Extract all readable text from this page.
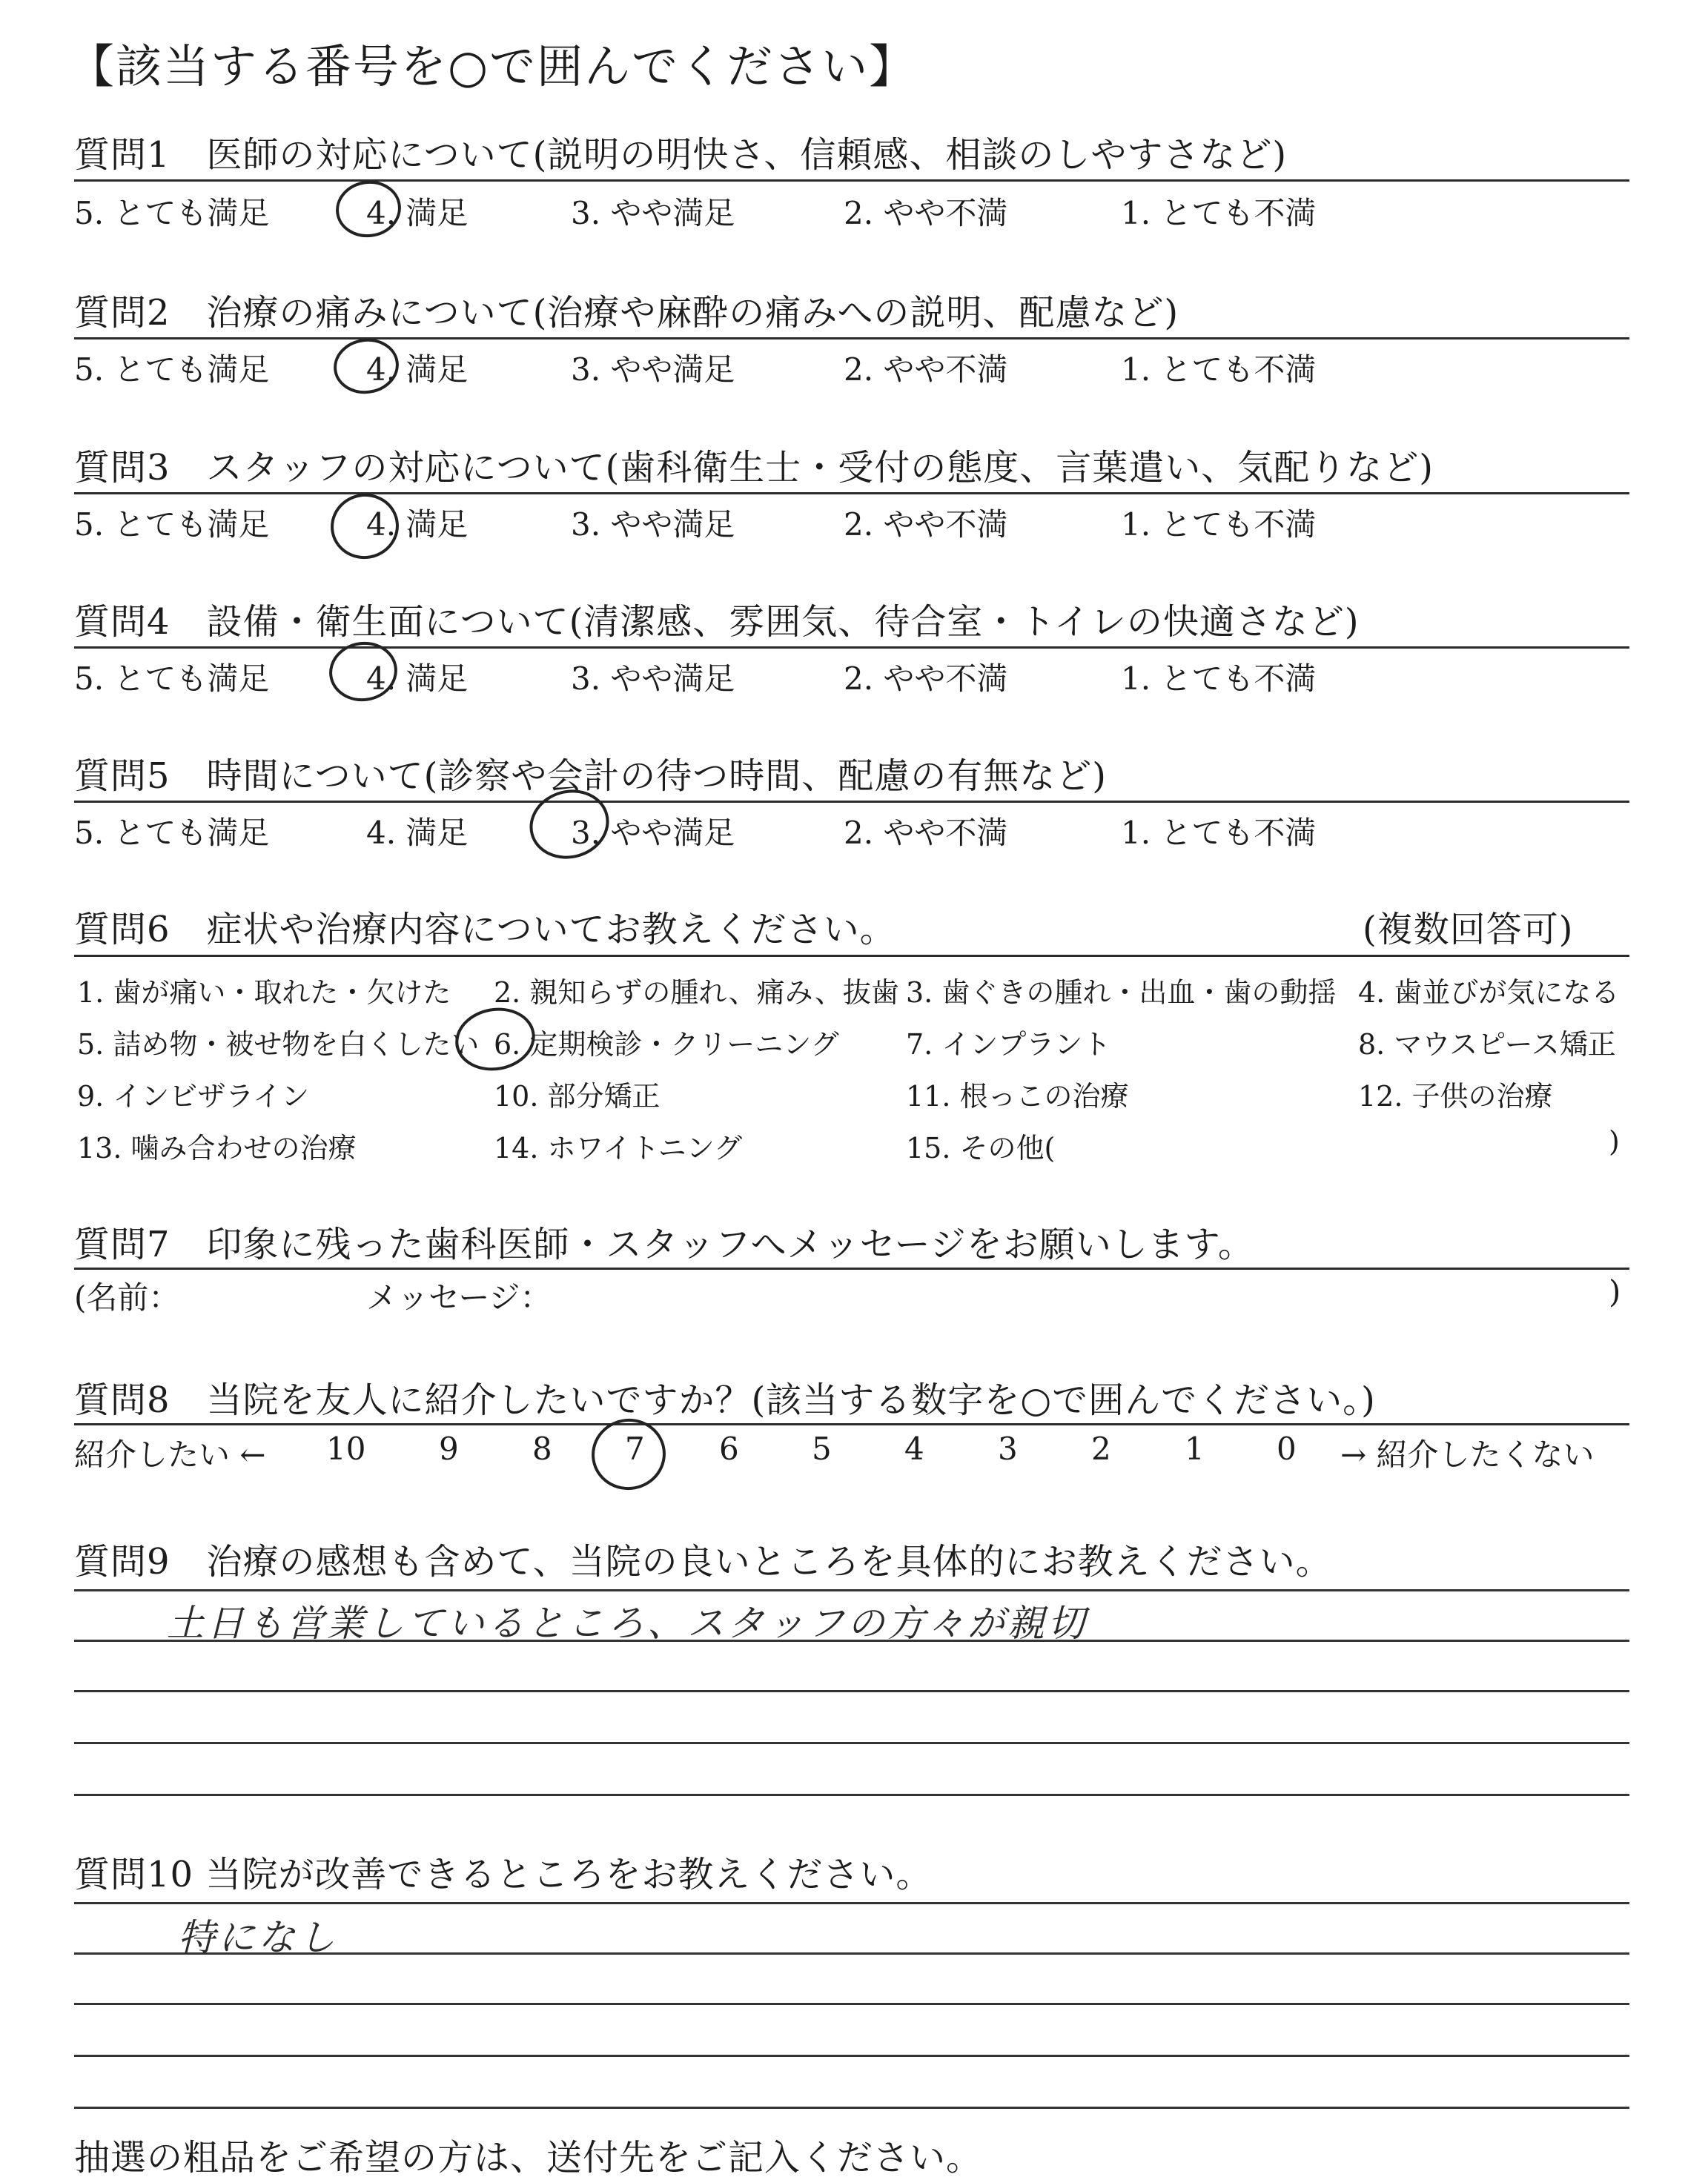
【該当する番号を○で囲んでください】
質問1　医師の対応について(説明の明快さ、信頼感、相談のしやすさなど)
5. とても満足	4. 満足	3. やや満足	2. やや不満	1. とても不満
質問2　治療の痛みについて(治療や麻酔の痛みへの説明、配慮など)
5. とても満足	4. 満足	3. やや満足	2. やや不満	1. とても不満
質問3　スタッフの対応について(歯科衛生士・受付の態度、言葉遣い、気配りなど)
5. とても満足	4. 満足	3. やや満足	2. やや不満	1. とても不満
質問4　設備・衛生面について(清潔感、雰囲気、待合室・トイレの快適さなど)
5. とても満足	4. 満足	3. やや満足	2. やや不満	1. とても不満
質問5　時間について(診察や会計の待つ時間、配慮の有無など)
5. とても満足	4. 満足	3. やや満足	2. やや不満	1. とても不満
質問6　症状や治療内容についてお教えください。	(複数回答可)
1. 歯が痛い・取れた・欠けた 2. 親知らずの腫れ、痛み、抜歯 3. 歯ぐきの腫れ・出血・歯の動揺 4. 歯並びが気になる
5. 詰め物・被せ物を白くしたい 6. 定期検診・クリーニング 7. インプラント	8. マウスピース矯正
9. インビザライン	10. 部分矯正	11. 根っこの治療	12. 子供の治療
13. 噛み合わせの治療	14. ホワイトニング	15. その他(	)
質問7　印象に残った歯科医師・スタッフへメッセージをお願いします。
(名前：	メッセージ：	)
質問8　当院を友人に紹介したいですか？(該当する数字を○で囲んでください。)
紹介したい ←	→ 紹介したくない
10 9 8 7 6 5 4 3 2 1 0
質問9　治療の感想も含めて、当院の良いところを具体的にお教えください。
土日も営業しているところ、スタッフの方々が親切
質問10 当院が改善できるところをお教えください。
特になし
抽選の粗品をご希望の方は、送付先をご記入ください。
